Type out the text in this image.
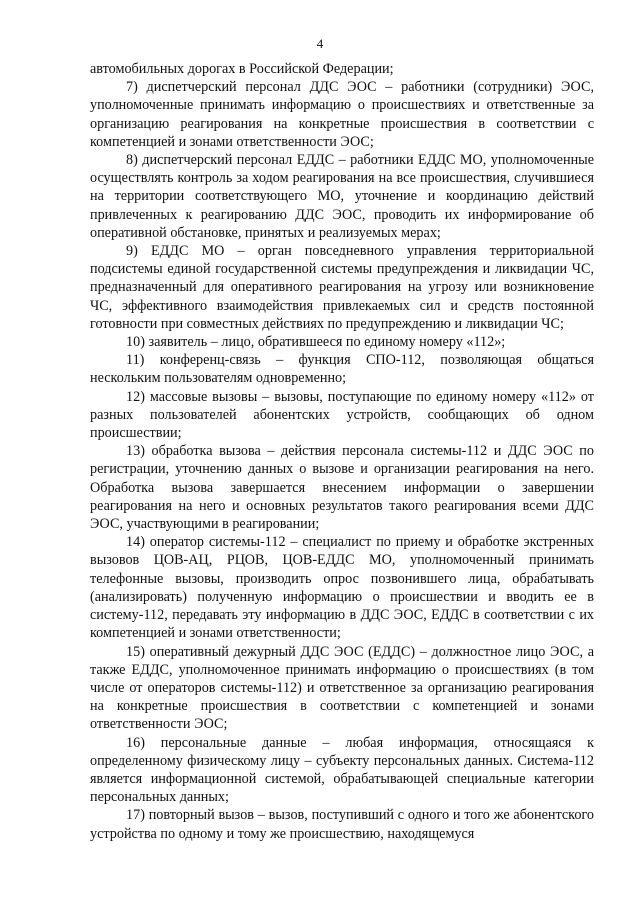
4

автомобильных дорогах в Российской Федерации;

7) диспетчерский персонал ДДС ЭОС – работники (сотрудники) ЭОС, уполномоченные принимать информацию о происшествиях и ответственные за организацию реагирования на конкретные происшествия в соответствии с компетенцией и зонами ответственности ЭОС;

8) диспетчерский персонал ЕДДС – работники ЕДДС МО, уполномоченные осуществлять контроль за ходом реагирования на все происшествия, случившиеся на территории соответствующего МО, уточнение и координацию действий привлеченных к реагированию ДДС ЭОС, проводить их информирование об оперативной обстановке, принятых и реализуемых мерах;

9) ЕДДС МО – орган повседневного управления территориальной подсистемы единой государственной системы предупреждения и ликвидации ЧС, предназначенный для оперативного реагирования на угрозу или возникновение ЧС, эффективного взаимодействия привлекаемых сил и средств постоянной готовности при совместных действиях по предупреждению и ликвидации ЧС;

10) заявитель – лицо, обратившееся по единому номеру «112»;

11) конференц-связь – функция СПО-112, позволяющая общаться нескольким пользователям одновременно;

12) массовые вызовы – вызовы, поступающие по единому номеру «112» от разных пользователей абонентских устройств, сообщающих об одном происшествии;

13) обработка вызова – действия персонала системы-112 и ДДС ЭОС по регистрации, уточнению данных о вызове и организации реагирования на него. Обработка вызова завершается внесением информации о завершении реагирования на него и основных результатов такого реагирования всеми ДДС ЭОС, участвующими в реагировании;

14) оператор системы-112 – специалист по приему и обработке экстренных вызовов ЦОВ-АЦ, РЦОВ, ЦОВ-ЕДДС МО, уполномоченный принимать телефонные вызовы, производить опрос позвонившего лица, обрабатывать (анализировать) полученную информацию о происшествии и вводить ее в систему-112, передавать эту информацию в ДДС ЭОС, ЕДДС в соответствии с их компетенцией и зонами ответственности;

15) оперативный дежурный ДДС ЭОС (ЕДДС) – должностное лицо ЭОС, а также ЕДДС, уполномоченное принимать информацию о происшествиях (в том числе от операторов системы-112) и ответственное за организацию реагирования на конкретные происшествия в соответствии с компетенцией и зонами ответственности ЭОС;

16) персональные данные – любая информация, относящаяся к определенному физическому лицу – субъекту персональных данных. Система-112 является информационной системой, обрабатывающей специальные категории персональных данных;

17) повторный вызов – вызов, поступивший с одного и того же абонентского устройства по одному и тому же происшествию, находящемуся
